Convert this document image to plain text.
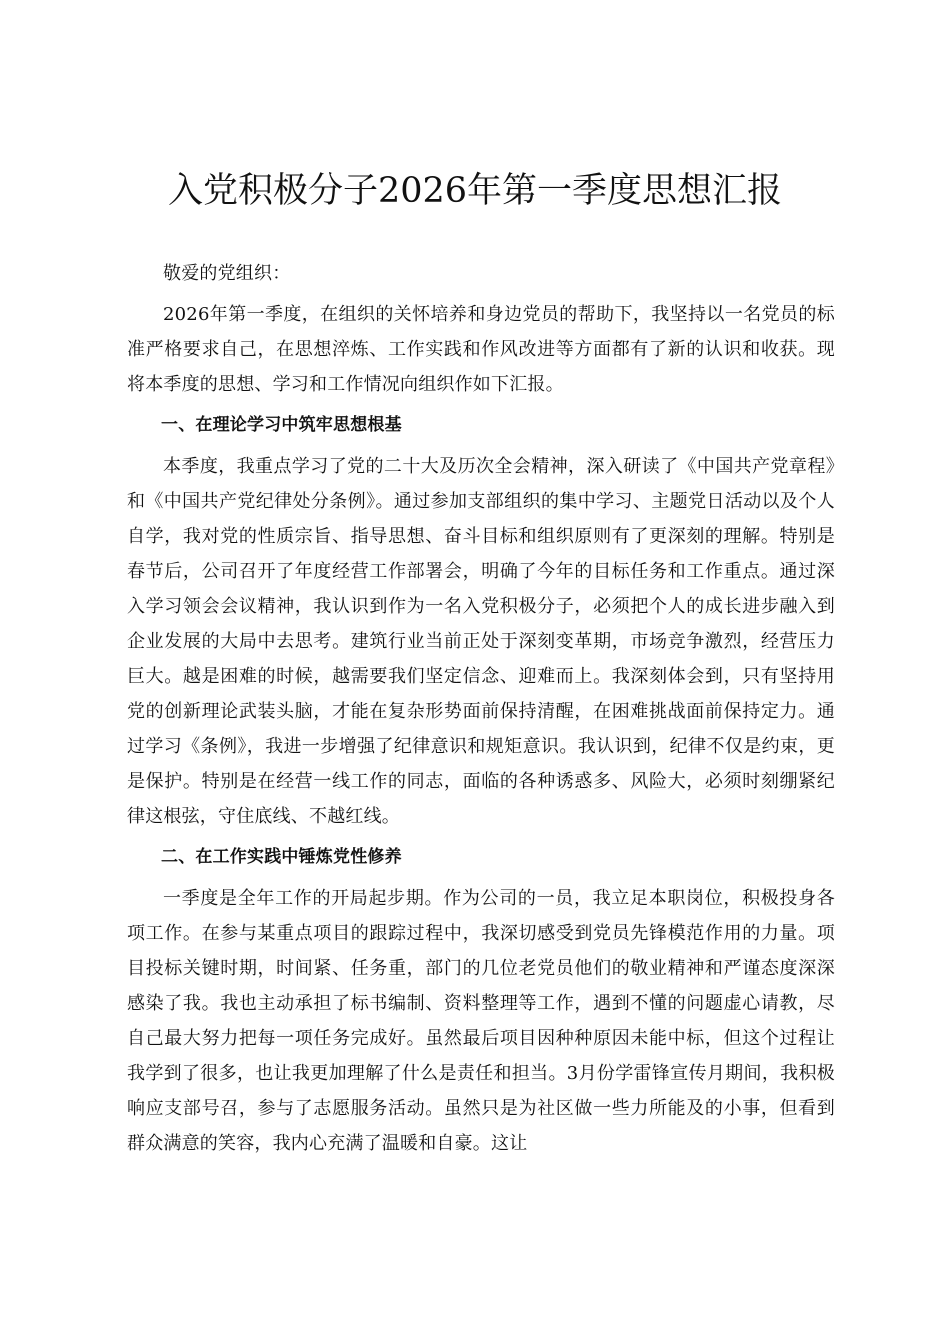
入党积极分子2026年第一季度思想汇报

敬爱的党组织：

2026年第一季度，在组织的关怀培养和身边党员的帮助下，我坚持以一名党员的标准严格要求自己，在思想淬炼、工作实践和作风改进等方面都有了新的认识和收获。现将本季度的思想、学习和工作情况向组织作如下汇报。

一、在理论学习中筑牢思想根基

本季度，我重点学习了党的二十大及历次全会精神，深入研读了《中国共产党章程》和《中国共产党纪律处分条例》。通过参加支部组织的集中学习、主题党日活动以及个人自学，我对党的性质宗旨、指导思想、奋斗目标和组织原则有了更深刻的理解。特别是春节后，公司召开了年度经营工作部署会，明确了今年的目标任务和工作重点。通过深入学习领会会议精神，我认识到作为一名入党积极分子，必须把个人的成长进步融入到企业发展的大局中去思考。建筑行业当前正处于深刻变革期，市场竞争激烈，经营压力巨大。越是困难的时候，越需要我们坚定信念、迎难而上。我深刻体会到，只有坚持用党的创新理论武装头脑，才能在复杂形势面前保持清醒，在困难挑战面前保持定力。通过学习《条例》，我进一步增强了纪律意识和规矩意识。我认识到，纪律不仅是约束，更是保护。特别是在经营一线工作的同志，面临的各种诱惑多、风险大，必须时刻绷紧纪律这根弦，守住底线、不越红线。

二、在工作实践中锤炼党性修养

一季度是全年工作的开局起步期。作为公司的一员，我立足本职岗位，积极投身各项工作。在参与某重点项目的跟踪过程中，我深切感受到党员先锋模范作用的力量。项目投标关键时期，时间紧、任务重，部门的几位老党员他们的敬业精神和严谨态度深深感染了我。我也主动承担了标书编制、资料整理等工作，遇到不懂的问题虚心请教，尽自己最大努力把每一项任务完成好。虽然最后项目因种种原因未能中标，但这个过程让我学到了很多，也让我更加理解了什么是责任和担当。3月份学雷锋宣传月期间，我积极响应支部号召，参与了志愿服务活动。虽然只是为社区做一些力所能及的小事，但看到群众满意的笑容，我内心充满了温暖和自豪。这让
